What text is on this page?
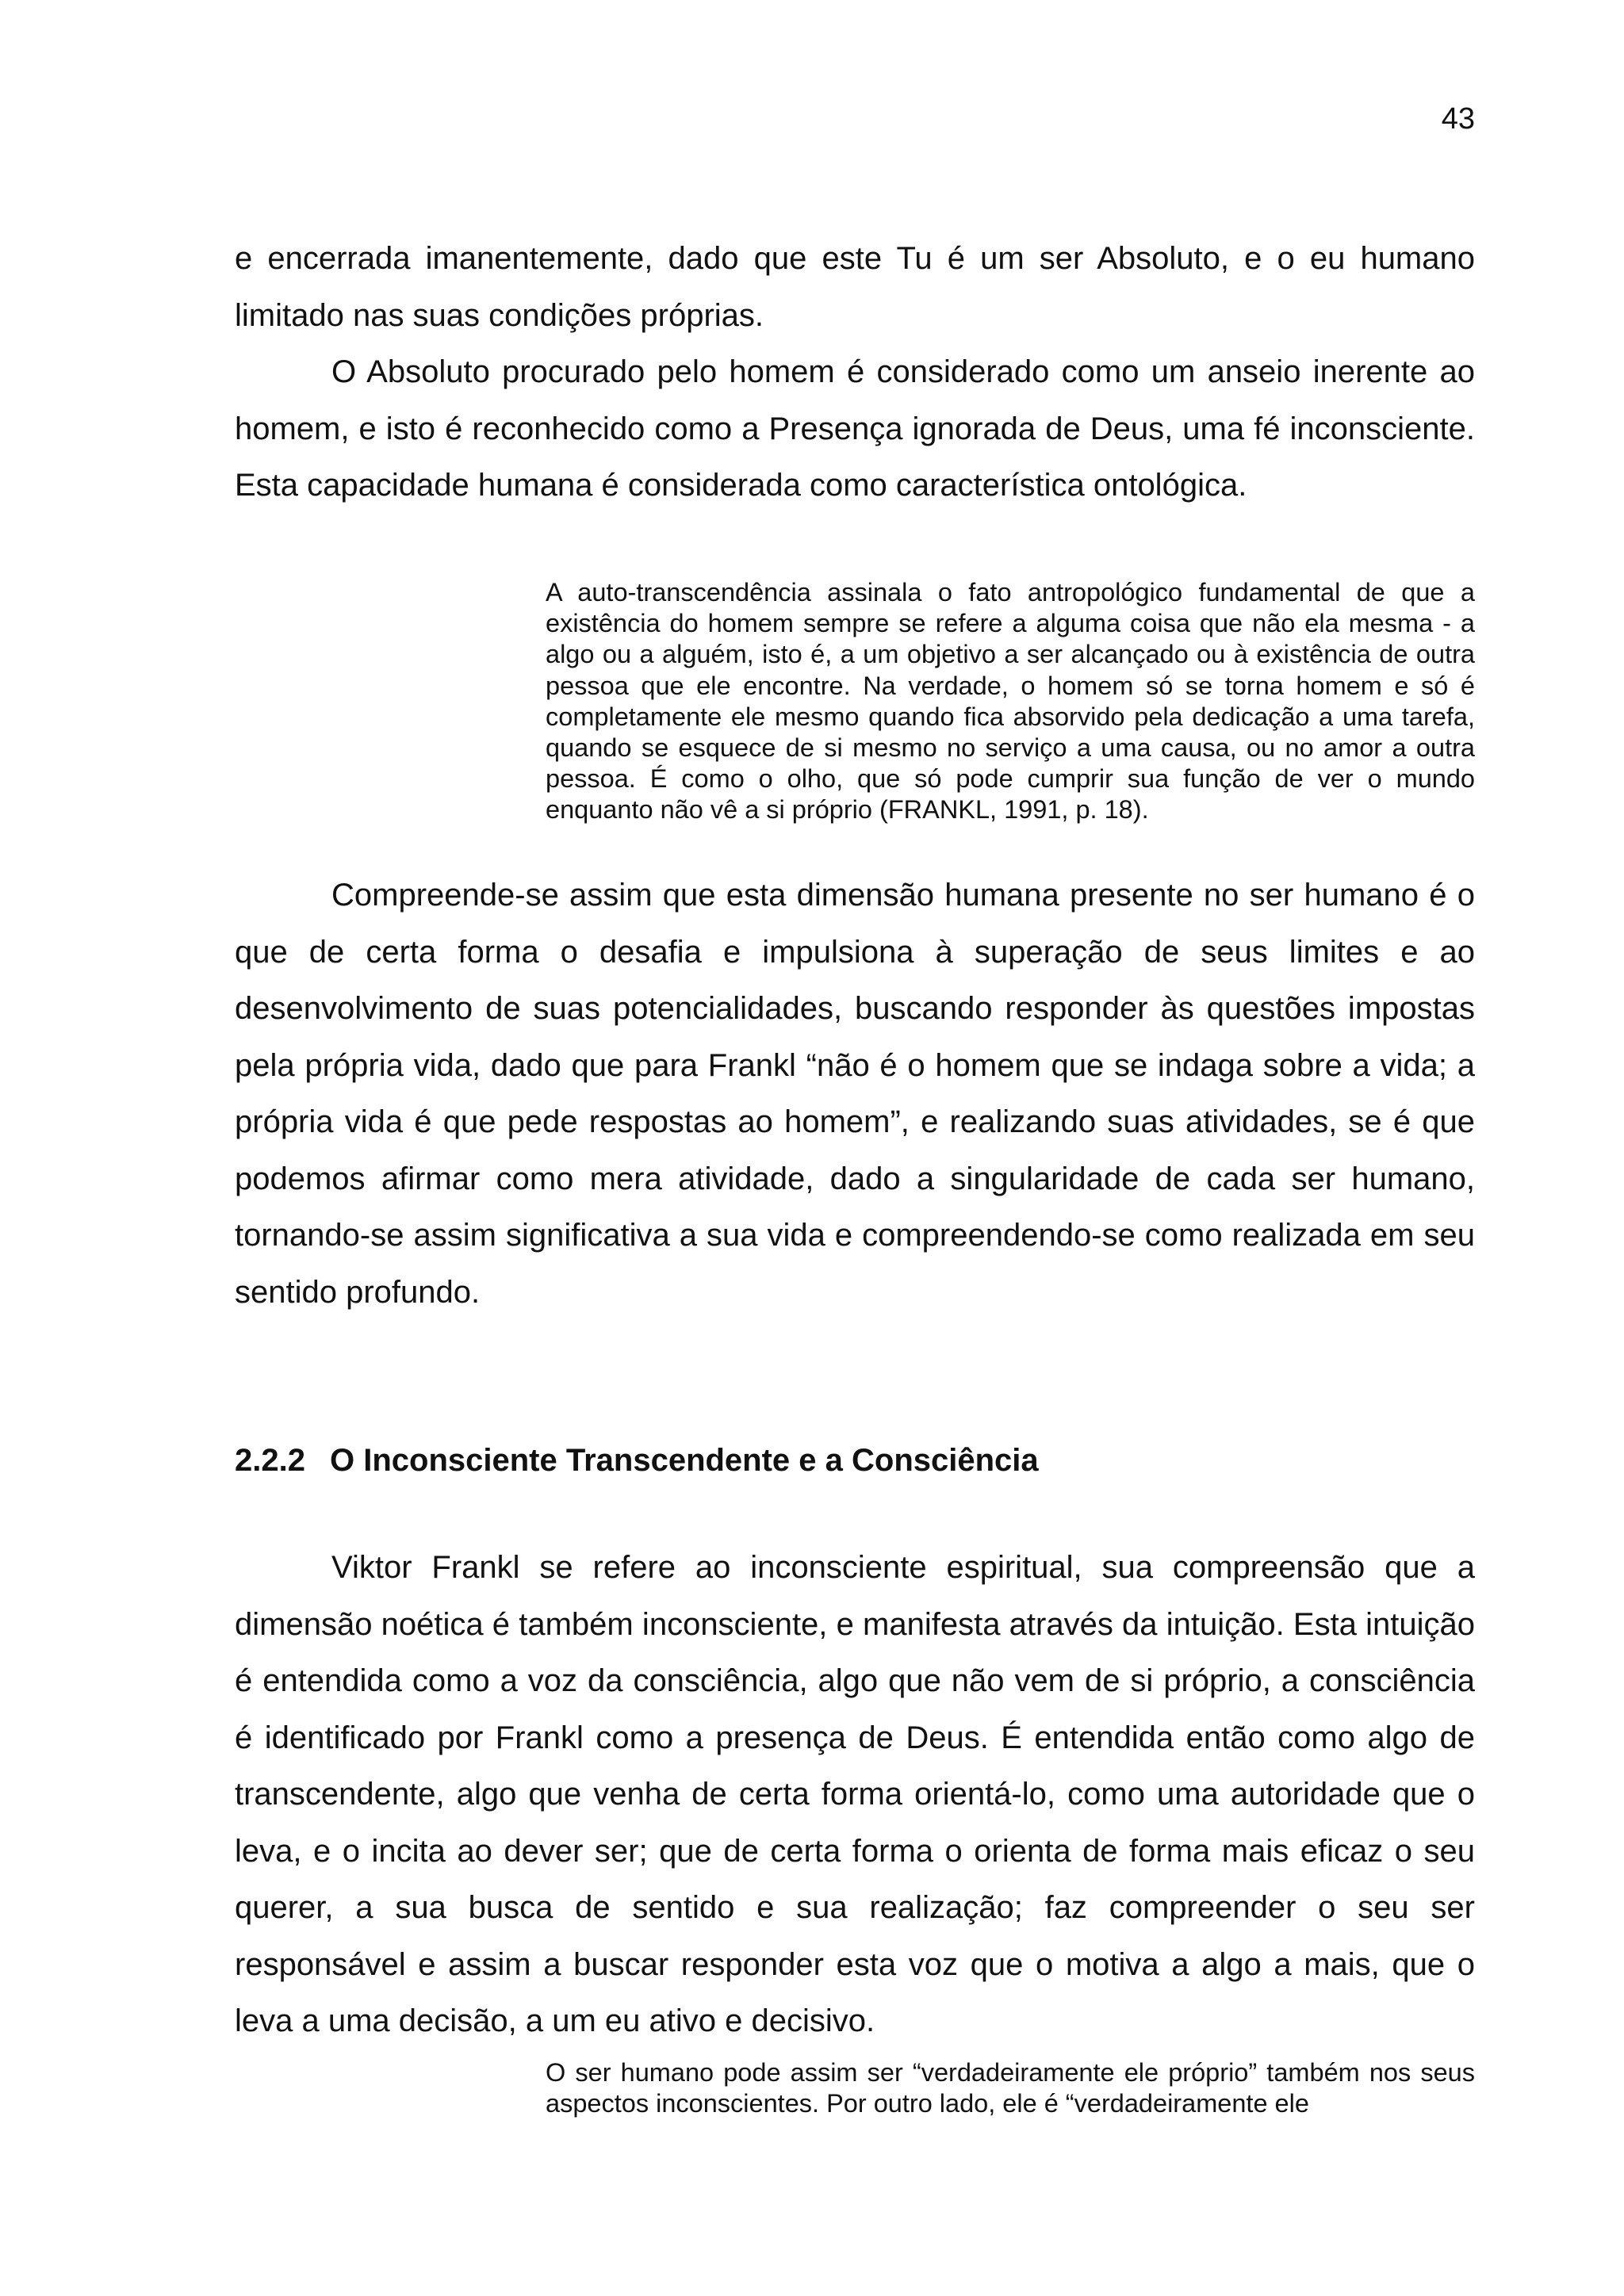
43

e encerrada imanentemente, dado que este Tu é um ser Absoluto, e o eu humano limitado nas suas condições próprias.

O Absoluto procurado pelo homem é considerado como um anseio inerente ao homem, e isto é reconhecido como a Presença ignorada de Deus, uma fé inconsciente. Esta capacidade humana é considerada como característica ontológica.

A auto-transcendência assinala o fato antropológico fundamental de que a existência do homem sempre se refere a alguma coisa que não ela mesma - a algo ou a alguém, isto é, a um objetivo a ser alcançado ou à existência de outra pessoa que ele encontre. Na verdade, o homem só se torna homem e só é completamente ele mesmo quando fica absorvido pela dedicação a uma tarefa, quando se esquece de si mesmo no serviço a uma causa, ou no amor a outra pessoa. É como o olho, que só pode cumprir sua função de ver o mundo enquanto não vê a si próprio (FRANKL, 1991, p. 18).

Compreende-se assim que esta dimensão humana presente no ser humano é o que de certa forma o desafia e impulsiona à superação de seus limites e ao desenvolvimento de suas potencialidades, buscando responder às questões impostas pela própria vida, dado que para Frankl “não é o homem que se indaga sobre a vida; a própria vida é que pede respostas ao homem”, e realizando suas atividades, se é que podemos afirmar como mera atividade, dado a singularidade de cada ser humano, tornando-se assim significativa a sua vida e compreendendo-se como realizada em seu sentido profundo.

2.2.2 O Inconsciente Transcendente e a Consciência

Viktor Frankl se refere ao inconsciente espiritual, sua compreensão que a dimensão noética é também inconsciente, e manifesta através da intuição. Esta intuição é entendida como a voz da consciência, algo que não vem de si próprio, a consciência é identificado por Frankl como a presença de Deus. É entendida então como algo de transcendente, algo que venha de certa forma orientá-lo, como uma autoridade que o leva, e o incita ao dever ser; que de certa forma o orienta de forma mais eficaz o seu querer, a sua busca de sentido e sua realização; faz compreender o seu ser responsável e assim a buscar responder esta voz que o motiva a algo a mais, que o leva a uma decisão, a um eu ativo e decisivo.

O ser humano pode assim ser “verdadeiramente ele próprio” também nos seus aspectos inconscientes. Por outro lado, ele é “verdadeiramente ele
